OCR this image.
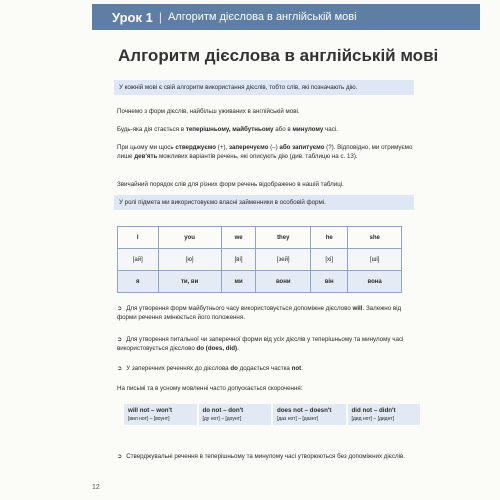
Урок 1 | Алгоритм дієслова в англійській мові
Алгоритм дієслова в англійській мові
У кожній мові є свій алгоритм використання дієслів, тобто слів, які позначають дію.
Почнемо з форм дієслів, найбільш уживаних в англійській мові.
Будь-яка дія стається в теперішньому, майбутньому або в минулому часі.
При цьому ми щось стверджуємо (+), заперечуємо (–) або запитуємо (?). Відповідно, ми отримуємо лише дев'ять можливих варіантів речень, які описують дію (див. таблицю на с. 13).
Звичайний порядок слів для різних форм речень відображено в нашій таблиці.
У ролі підмета ми використовуємо власні займенники в особовій формі.
I	you	we	they	he	she
[ай]	[ю]	[ві]	[зей]	[хі]	[ші]
я	ти, ви	ми	вони	він	вона
➲ Для утворення форм майбутнього часу використовується допоміжне дієслово will. Залежно від форми речення змінюється його положення.
➲ Для утворення питальної чи заперечної форми від усіх дієслів у теперішньому та минулому часі використовується дієслово do (does, did).
➲ У заперечних реченнях до дієслова do додається частка not.
На письмі та в усному мовленні часто допускається скорочення:
will not – won't
[вил нот] – [воунт]

do not – don't
[ду нот] – [доунт]

does not – doesn't
[даз нот] – [дазнт]

did not – didn't
[дид нот] – [диднт]
➲ Стверджувальні речення в теперішньому та минулому часі утворюються без допоміжних дієслів.
12
